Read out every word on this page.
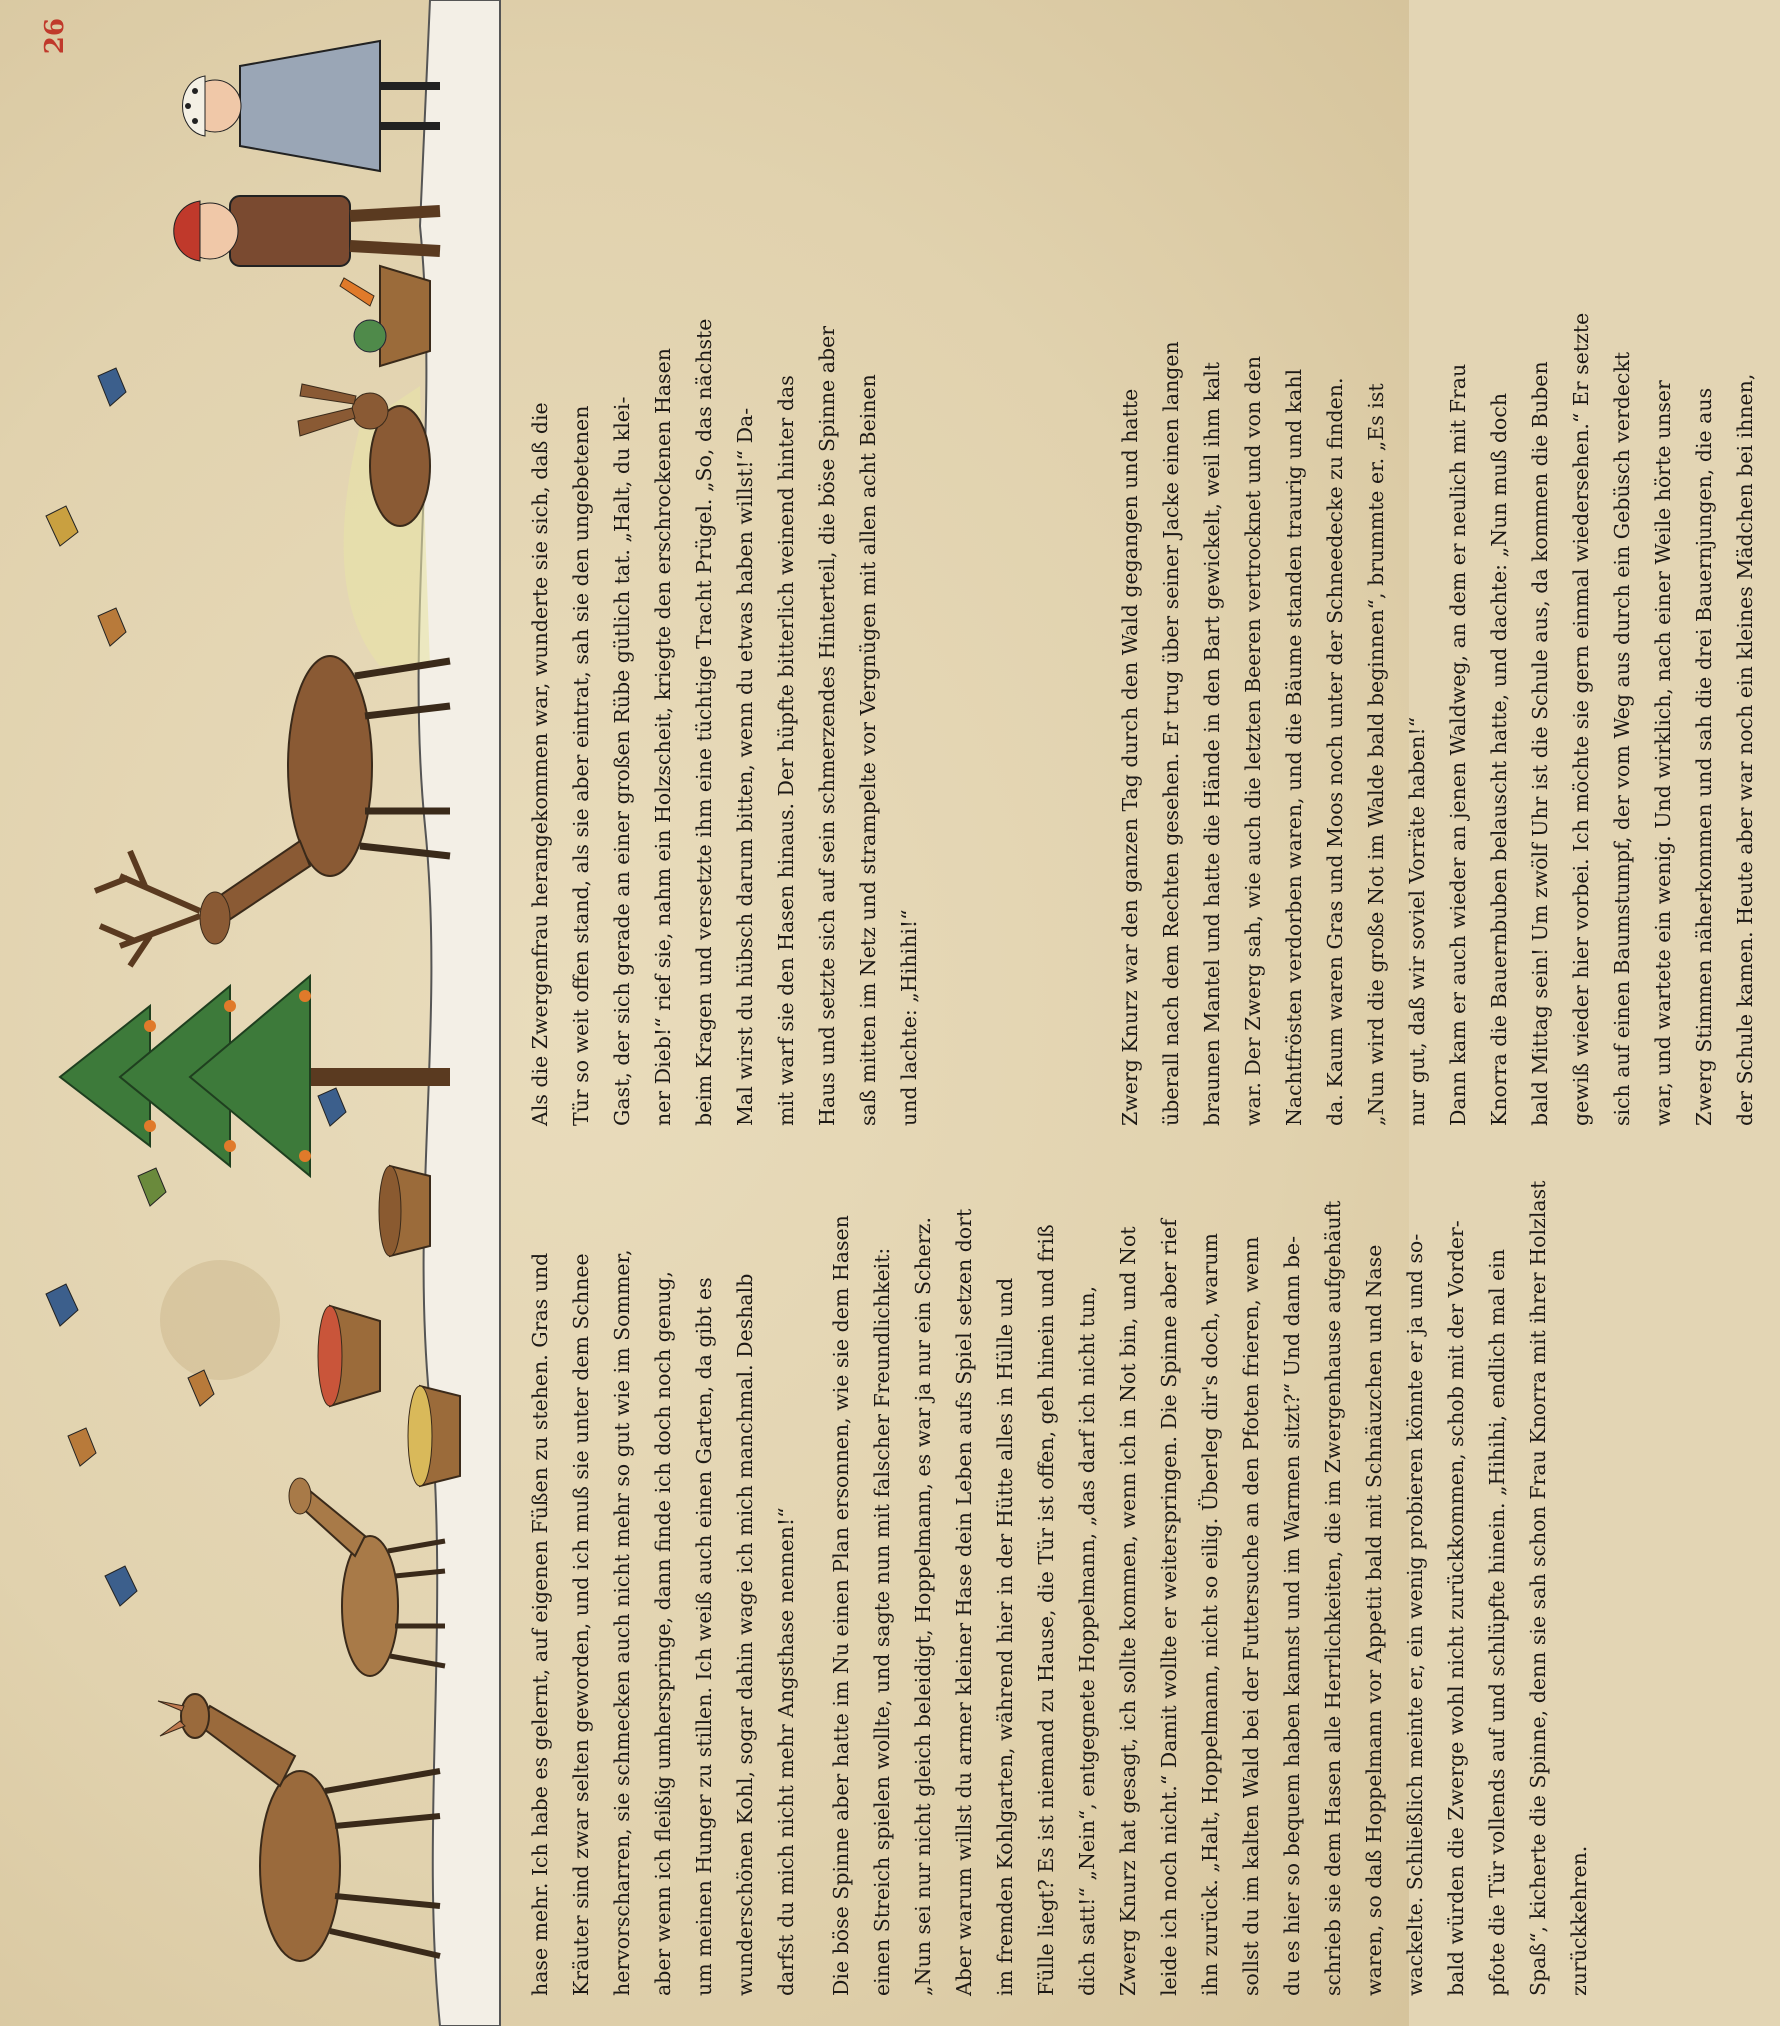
26

hase mehr. Ich habe es gelernt, auf eigenen Füßen zu stehen. Gras und Kräuter sind zwar selten geworden, und ich muß sie unter dem Schnee hervorscharren, sie schmecken auch nicht mehr so gut wie im Sommer, aber wenn ich fleißig umherspringe, dann finde ich doch noch genug, um meinen Hunger zu stillen. Ich weiß auch einen Garten, da gibt es wunderschönen Kohl, sogar dahin wage ich mich manchmal. Deshalb darfst du mich nicht mehr Angsthase nennen!“	Die böse Spinne aber hatte im Nu einen Plan ersonnen, wie sie dem Hasen einen Streich spielen wollte, und sagte nun mit falscher Freundlichkeit: „Nun sei nur nicht gleich beleidigt, Hoppelmann, es war ja nur ein Scherz. Aber warum willst du armer kleiner Hase dein Leben aufs Spiel setzen dort im fremden Kohlgarten, während hier in der Hütte alles in Hülle und Fülle liegt? Es ist niemand zu Hause, die Tür ist offen, geh hinein und friß dich satt!“ „Nein“, entgegnete Hoppelmann, „das darf ich nicht tun, Zwerg Knurz hat gesagt, ich sollte kommen, wenn ich in Not bin, und Not leide ich noch nicht.“ Damit wollte er weiterspringen. Die Spinne aber rief ihn zurück. „Halt, Hoppelmann, nicht so eilig. Überleg dir's doch, warum sollst du im kalten Wald bei der Futtersuche an den Pfoten frieren, wenn du es hier so bequem haben kannst und im Warmen sitzt?“ Und dann be- schrieb sie dem Hasen alle Herrlichkeiten, die im Zwergenhause aufgehäuft waren, so daß Hoppelmann vor Appetit bald mit Schnäuzchen und Nase wackelte. Schließlich meinte er, ein wenig probieren könnte er ja und so- bald würden die Zwerge wohl nicht zurückkommen, schob mit der Vorder- pfote die Tür vollends auf und schlüpfte hinein. „Hihihi, endlich mal ein Spaß“, kicherte die Spinne, denn sie sah schon Frau Knorra mit ihrer Holzlast zurückkehren.

Als die Zwergenfrau herangekommen war, wunderte sie sich, daß die Tür so weit offen stand, als sie aber eintrat, sah sie den ungebetenen Gast, der sich gerade an einer großen Rübe gütlich tat. „Halt, du klei- ner Dieb!“ rief sie, nahm ein Holzscheit, kriegte den erschrockenen Hasen beim Kragen und versetzte ihm eine tüchtige Tracht Prügel. „So, das nächste Mal wirst du hübsch darum bitten, wenn du etwas haben willst!“ Da- mit warf sie den Hasen hinaus. Der hüpfte bitterlich weinend hinter das Haus und setzte sich auf sein schmerzendes Hinterteil, die böse Spinne aber saß mitten im Netz und strampelte vor Vergnügen mit allen acht Beinen und lachte: „Hihihi!“	Zwerg Knurz war den ganzen Tag durch den Wald gegangen und hatte überall nach dem Rechten gesehen. Er trug über seiner Jacke einen langen braunen Mantel und hatte die Hände in den Bart gewickelt, weil ihm kalt war. Der Zwerg sah, wie auch die letzten Beeren vertrocknet und von den Nachtfrösten verdorben waren, und die Bäume standen traurig und kahl da. Kaum waren Gras und Moos noch unter der Schneedecke zu finden. „Nun wird die große Not im Walde bald beginnen“, brummte er. „Es ist nur gut, daß wir soviel Vorräte haben!“ Dann kam er auch wieder an jenen Waldweg, an dem er neulich mit Frau Knorra die Bauernbuben belauscht hatte, und dachte: „Nun muß doch bald Mittag sein! Um zwölf Uhr ist die Schule aus, da kommen die Buben gewiß wieder hier vorbei. Ich möchte sie gern einmal wiedersehen.“ Er setzte sich auf einen Baumstumpf, der vom Weg aus durch ein Gebüsch verdeckt war, und wartete ein wenig. Und wirklich, nach einer Weile hörte unser Zwerg Stimmen näherkommen und sah die drei Bauernjungen, die aus der Schule kamen. Heute aber war noch ein kleines Mädchen bei ihnen,
